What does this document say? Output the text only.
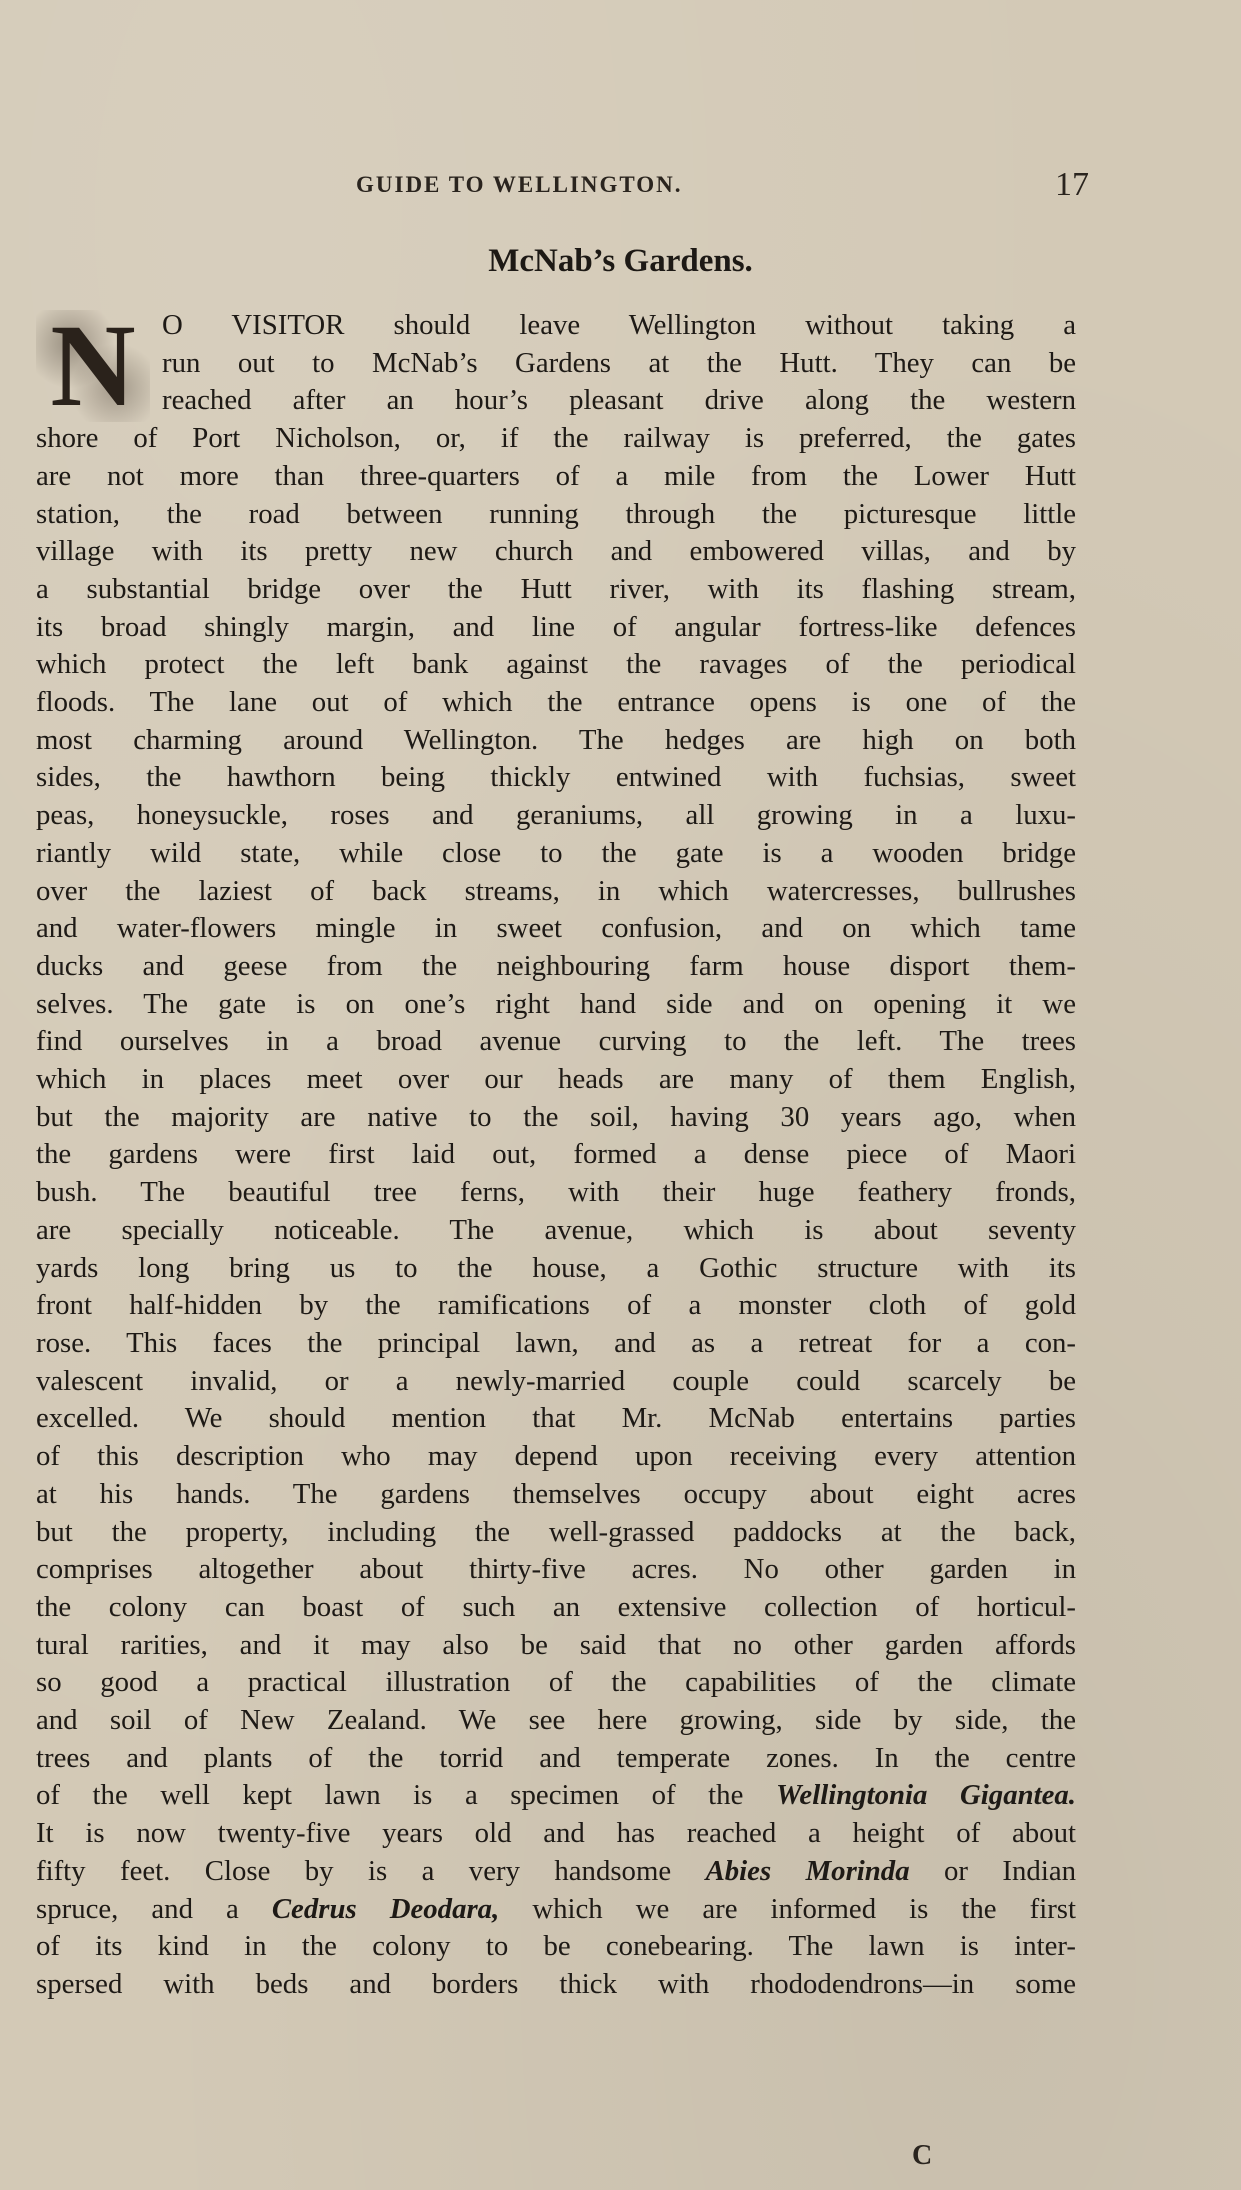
GUIDE TO WELLINGTON.	17
McNab’s Gardens.
N O VISITOR should leave Wellington without taking a
run out to McNab’s Gardens at the Hutt. They can be
reached after an hour’s pleasant drive along the western
shore of Port Nicholson, or, if the railway is preferred, the gates
are not more than three-quarters of a mile from the Lower Hutt
station, the road between running through the picturesque little
village with its pretty new church and embowered villas, and by
a substantial bridge over the Hutt river, with its flashing stream,
its broad shingly margin, and line of angular fortress-like defences
which protect the left bank against the ravages of the periodical
floods. The lane out of which the entrance opens is one of the
most charming around Wellington. The hedges are high on both
sides, the hawthorn being thickly entwined with fuchsias, sweet
peas, honeysuckle, roses and geraniums, all growing in a luxu-
riantly wild state, while close to the gate is a wooden bridge
over the laziest of back streams, in which watercresses, bullrushes
and water-flowers mingle in sweet confusion, and on which tame
ducks and geese from the neighbouring farm house disport them-
selves. The gate is on one’s right hand side and on opening it we
find ourselves in a broad avenue curving to the left. The trees
which in places meet over our heads are many of them English,
but the majority are native to the soil, having 30 years ago, when
the gardens were first laid out, formed a dense piece of Maori
bush. The beautiful tree ferns, with their huge feathery fronds,
are specially noticeable. The avenue, which is about seventy
yards long bring us to the house, a Gothic structure with its
front half-hidden by the ramifications of a monster cloth of gold
rose. This faces the principal lawn, and as a retreat for a con-
valescent invalid, or a newly-married couple could scarcely be
excelled. We should mention that Mr. McNab entertains parties
of this description who may depend upon receiving every attention
at his hands. The gardens themselves occupy about eight acres
but the property, including the well-grassed paddocks at the back,
comprises altogether about thirty-five acres. No other garden in
the colony can boast of such an extensive collection of horticul-
tural rarities, and it may also be said that no other garden affords
so good a practical illustration of the capabilities of the climate
and soil of New Zealand. We see here growing, side by side, the
trees and plants of the torrid and temperate zones. In the centre
of the well kept lawn is a specimen of the Wellingtonia Gigantea.
It is now twenty-five years old and has reached a height of about
fifty feet. Close by is a very handsome Abies Morinda or Indian
spruce, and a Cedrus Deodara, which we are informed is the first
of its kind in the colony to be conebearing. The lawn is inter-
spersed with beds and borders thick with rhododendrons—in some
C
